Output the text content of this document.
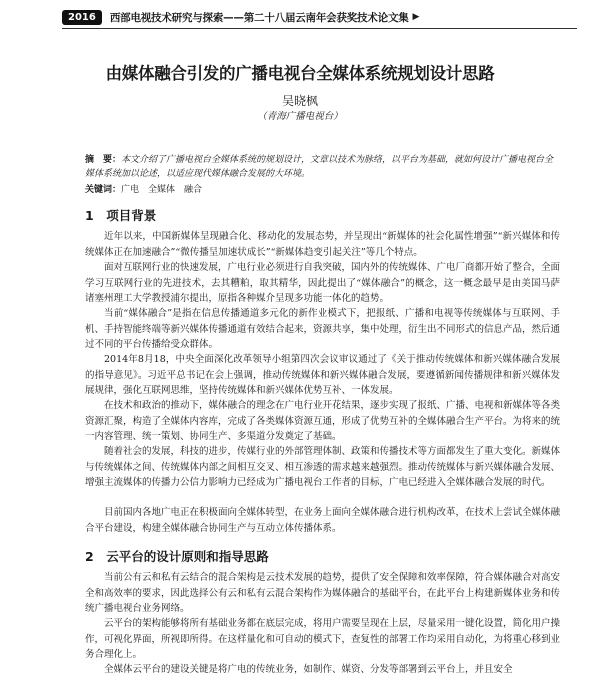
2016	西部电视技术研究与探索——第二十八届云南年会获奖技术论文集 ▶
由媒体融合引发的广播电视台全媒体系统规划设计思路
吴晓枫
（青海广播电视台）
摘　要：本文介绍了广播电视台全媒体系统的规划设计，文章以技术为脉络，以平台为基础，就如何设计广播电视台全媒体系统加以论述，以适应现代媒体融合发展的大环境。
关键词：广电　全媒体　融合
1　项目背景

近年以来，中国新媒体呈现融合化、移动化的发展态势，并呈现出“新媒体的社会化属性增强”“新兴媒体和传统媒体正在加速融合”“微传播呈加速状成长”“新媒体趋变引起关注”等几个特点。

面对互联网行业的快速发展，广电行业必须进行自我突破，国内外的传统媒体、广电厂商都开始了整合，全面学习互联网行业的先进技术，去其糟粕，取其精华，因此提出了“媒体融合”的概念，这一概念最早是由美国马萨诸塞州理工大学教授浦尔提出，原指各种媒介呈现多功能一体化的趋势。

当前“媒体融合”是指在信息传播通道多元化的新作业模式下，把报纸、广播和电视等传统媒体与互联网、手机、手持智能终端等新兴媒体传播通道有效结合起来，资源共享，集中处理，衍生出不同形式的信息产品，然后通过不同的平台传播给受众群体。

2014年8月18，中央全面深化改革领导小组第四次会议审议通过了《关于推动传统媒体和新兴媒体融合发展的指导意见》。习近平总书记在会上强调，推动传统媒体和新兴媒体融合发展，要遵循新闻传播规律和新兴媒体发展规律，强化互联网思维，坚持传统媒体和新兴媒体优势互补、一体发展。

在技术和政治的推动下，媒体融合的理念在广电行业开花结果，逐步实现了报纸、广播、电视和新媒体等各类资源汇聚，构造了全媒体内容库，完成了各类媒体资源互通，形成了优势互补的全媒体融合生产平台。为将来的统一内容管理、统一策划、协同生产、多渠道分发奠定了基础。

随着社会的发展，科技的进步，传媒行业的外部管理体制、政策和传播技术等方面都发生了重大变化。新媒体与传统媒体之间、传统媒体内部之间相互交叉、相互渗透的需求越来越强烈。推动传统媒体与新兴媒体融合发展、增强主流媒体的传播力公信力影响力已经成为广播电视台工作者的目标，广电已经进入全媒体融合发展的时代。

目前国内各地广电正在积极面向全媒体转型，在业务上面向全媒体融合进行机构改革，在技术上尝试全媒体融合平台建设，构建全媒体融合协同生产与互动立体传播体系。

2　云平台的设计原则和指导思路

当前公有云和私有云结合的混合架构是云技术发展的趋势，提供了安全保障和效率保障，符合媒体融合对高安全和高效率的要求，因此选择公有云和私有云混合架构作为媒体融合的基础平台，在此平台上构建新媒体业务和传统广播电视台业务网络。

云平台的架构能够将所有基础业务都在底层完成，将用户需要呈现在上层，尽量采用一键化设置，简化用户操作，可视化界面，所视即所得。在这样量化和可自动的模式下，查复性的部署工作均采用自动化，为将重心移到业务合理化上。

全媒体云平台的建设关键是将广电的传统业务，如制作、媒资、分发等部署到云平台上，并且安全
